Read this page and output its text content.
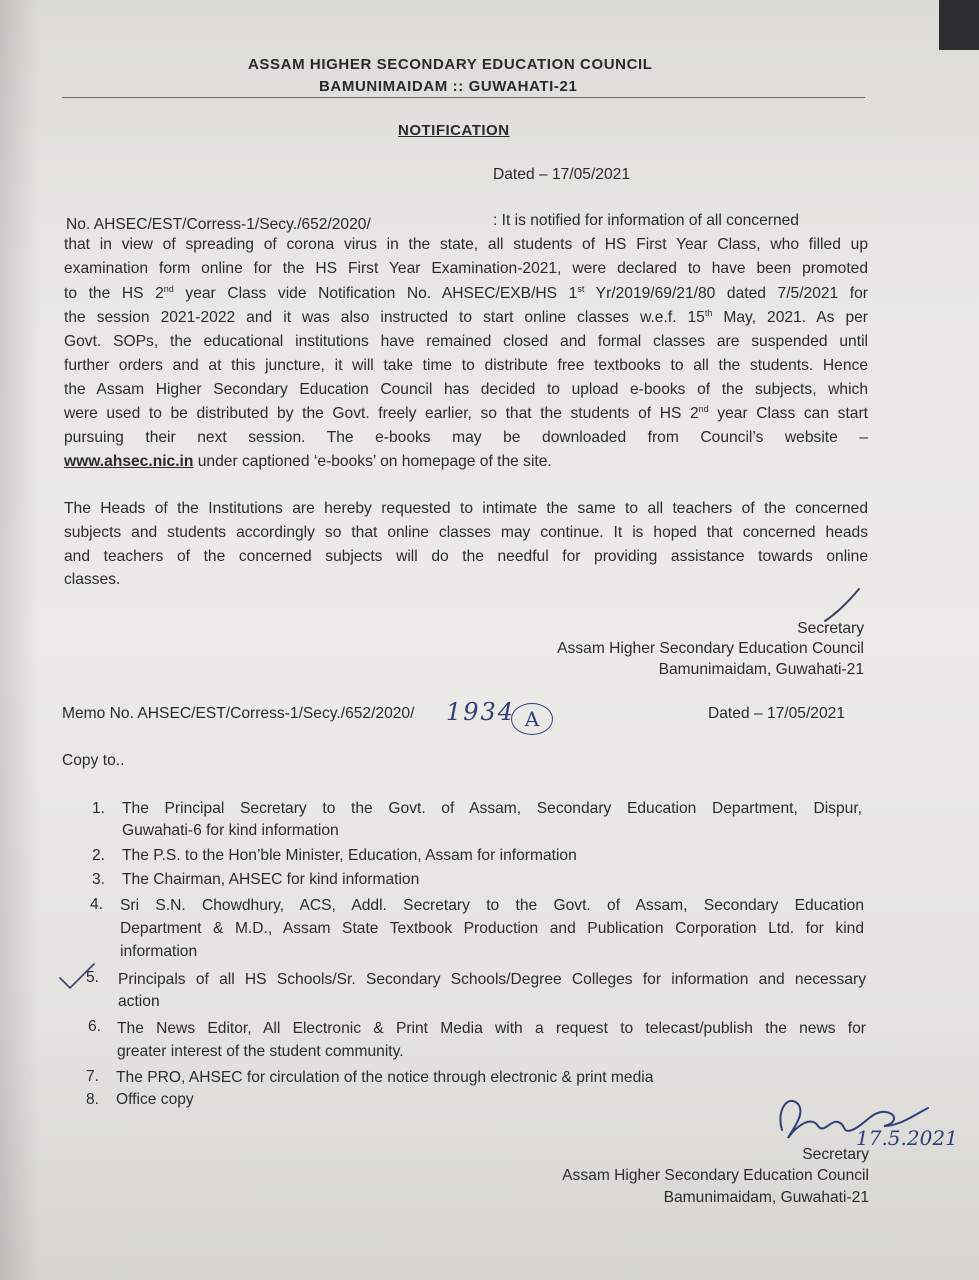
ASSAM HIGHER SECONDARY EDUCATION COUNCIL
BAMUNIMAIDAM :: GUWAHATI-21
NOTIFICATION
Dated – 17/05/2021
No. AHSEC/EST/Corress-1/Secy./652/2020/	: It is notified for information of all concerned
that in view of spreading of corona virus in the state, all students of HS First Year Class, who filled up
examination form online for the HS First Year Examination-2021, were declared to have been promoted
to the HS 2nd year Class vide Notification No. AHSEC/EXB/HS 1st Yr/2019/69/21/80 dated 7/5/2021 for
the session 2021-2022 and it was also instructed to start online classes w.e.f. 15th May, 2021. As per
Govt. SOPs, the educational institutions have remained closed and formal classes are suspended until
further orders and at this juncture, it will take time to distribute free textbooks to all the students. Hence
the Assam Higher Secondary Education Council has decided to upload e-books of the subjects, which
were used to be distributed by the Govt. freely earlier, so that the students of HS 2nd year Class can start
pursuing their next session. The e-books may be downloaded from Council’s website –
www.ahsec.nic.in under captioned ‘e-books’ on homepage of the site.
The Heads of the Institutions are hereby requested to intimate the same to all teachers of the concerned
subjects and students accordingly so that online classes may continue. It is hoped that concerned heads
and teachers of the concerned subjects will do the needful for providing assistance towards online
classes.
Secretary
Assam Higher Secondary Education Council
Bamunimaidam, Guwahati-21
Memo No. AHSEC/EST/Corress-1/Secy./652/2020/ 1934 A	Dated – 17/05/2021
Copy to..
1. The Principal Secretary to the Govt. of Assam, Secondary Education Department, Dispur,
Guwahati-6 for kind information
2. The P.S. to the Hon’ble Minister, Education, Assam for information
3. The Chairman, AHSEC for kind information
4. Sri S.N. Chowdhury, ACS, Addl. Secretary to the Govt. of Assam, Secondary Education
Department & M.D., Assam State Textbook Production and Publication Corporation Ltd. for kind
information
5. Principals of all HS Schools/Sr. Secondary Schools/Degree Colleges for information and necessary
action
6. The News Editor, All Electronic & Print Media with a request to telecast/publish the news for
greater interest of the student community.
7. The PRO, AHSEC for circulation of the notice through electronic & print media
8. Office copy
17.5.2021
Secretary
Assam Higher Secondary Education Council
Bamunimaidam, Guwahati-21
